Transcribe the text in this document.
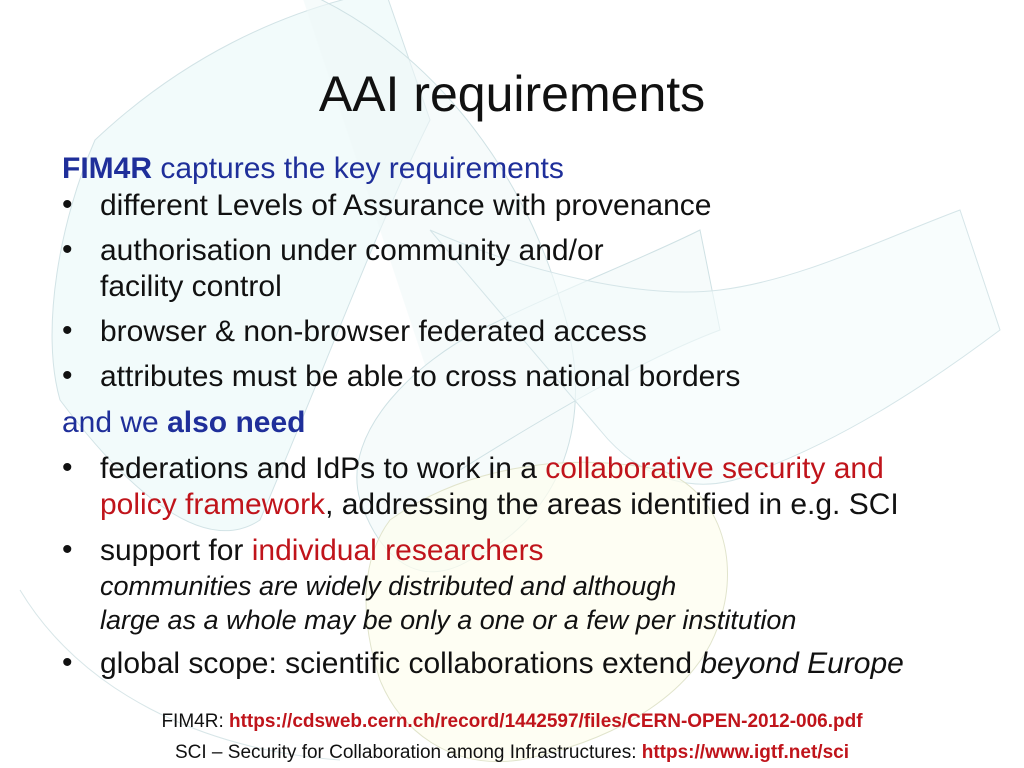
AAI requirements
FIM4R captures the key requirements
• different Levels of Assurance with provenance
• authorisation under community and/or
facility control
• browser & non-browser federated access
• attributes must be able to cross national borders
and we also need
• federations and IdPs to work in a collaborative security and
policy framework, addressing the areas identified in e.g. SCI
• support for individual researchers
communities are widely distributed and although
large as a whole may be only a one or a few per institution
• global scope: scientific collaborations extend beyond Europe
FIM4R: https://cdsweb.cern.ch/record/1442597/files/CERN-OPEN-2012-006.pdf
SCI – Security for Collaboration among Infrastructures: https://www.igtf.net/sci
